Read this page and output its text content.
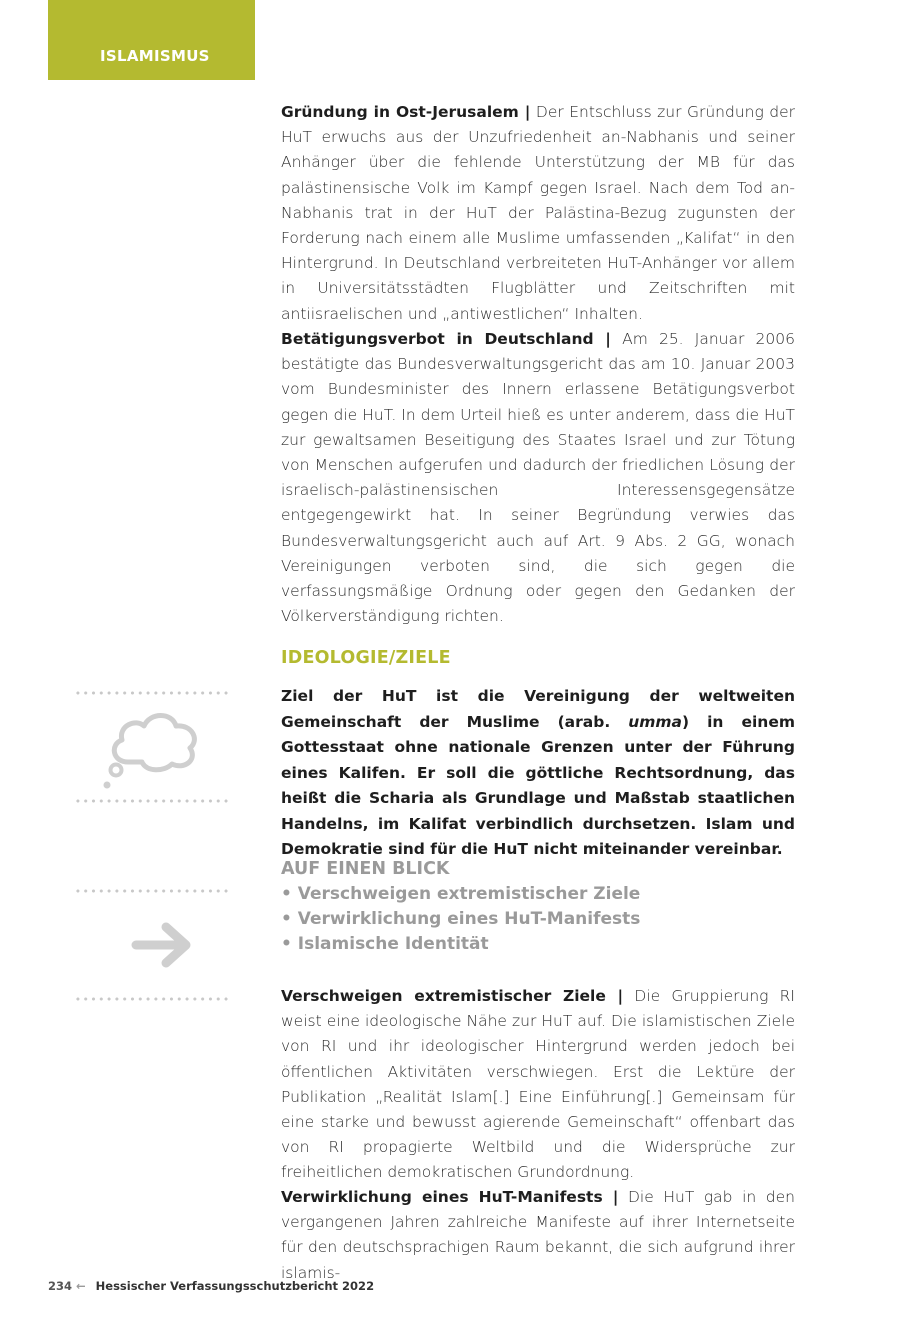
ISLAMISMUS
Gründung in Ost-Jerusalem | Der Entschluss zur Gründung der HuT erwuchs aus der Unzufriedenheit an-Nabhanis und seiner Anhänger über die fehlende Unterstützung der MB für das palästinensische Volk im Kampf gegen Israel. Nach dem Tod an-Nabhanis trat in der HuT der Palästina-Bezug zugunsten der Forderung nach einem alle Muslime umfassenden „Kalifat“ in den Hintergrund. In Deutschland verbreiteten HuT-Anhänger vor allem in Universitätsstädten Flugblätter und Zeitschriften mit antiisraelischen und „antiwestlichen“ Inhalten.
Betätigungsverbot in Deutschland | Am 25. Januar 2006 bestätigte das Bundesverwaltungsgericht das am 10. Januar 2003 vom Bundesminister des Innern erlassene Betätigungsverbot gegen die HuT. In dem Urteil hieß es unter anderem, dass die HuT zur gewaltsamen Beseitigung des Staates Israel und zur Tötung von Menschen aufgerufen und dadurch der friedlichen Lösung der israelisch-palästinensischen Interessensgegensätze entgegengewirkt hat. In seiner Begründung verwies das Bundesverwaltungsgericht auch auf Art. 9 Abs. 2 GG, wonach Vereinigungen verboten sind, die sich gegen die verfassungsmäßige Ordnung oder gegen den Gedanken der Völkerverständigung richten.
IDEOLOGIE/ZIELE
Ziel der HuT ist die Vereinigung der weltweiten Gemeinschaft der Muslime (arab. umma) in einem Gottesstaat ohne nationale Grenzen unter der Führung eines Kalifen. Er soll die göttliche Rechtsordnung, das heißt die Scharia als Grundlage und Maßstab staatlichen Handelns, im Kalifat verbindlich durchsetzen. Islam und Demokratie sind für die HuT nicht miteinander vereinbar.
AUF EINEN BLICK
• Verschweigen extremistischer Ziele
• Verwirklichung eines HuT-Manifests
• Islamische Identität
Verschweigen extremistischer Ziele | Die Gruppierung RI weist eine ideologische Nähe zur HuT auf. Die islamistischen Ziele von RI und ihr ideologischer Hintergrund werden jedoch bei öffentlichen Aktivitäten verschwiegen. Erst die Lektüre der Publikation „Realität Islam[.] Eine Einführung[.] Gemeinsam für eine starke und bewusst agierende Gemeinschaft“ offenbart das von RI propagierte Weltbild und die Widersprüche zur freiheitlichen demokratischen Grundordnung.
Verwirklichung eines HuT-Manifests | Die HuT gab in den vergangenen Jahren zahlreiche Manifeste auf ihrer Internetseite für den deutschsprachigen Raum bekannt, die sich aufgrund ihrer islamis-
234 ← Hessischer Verfassungsschutzbericht 2022
